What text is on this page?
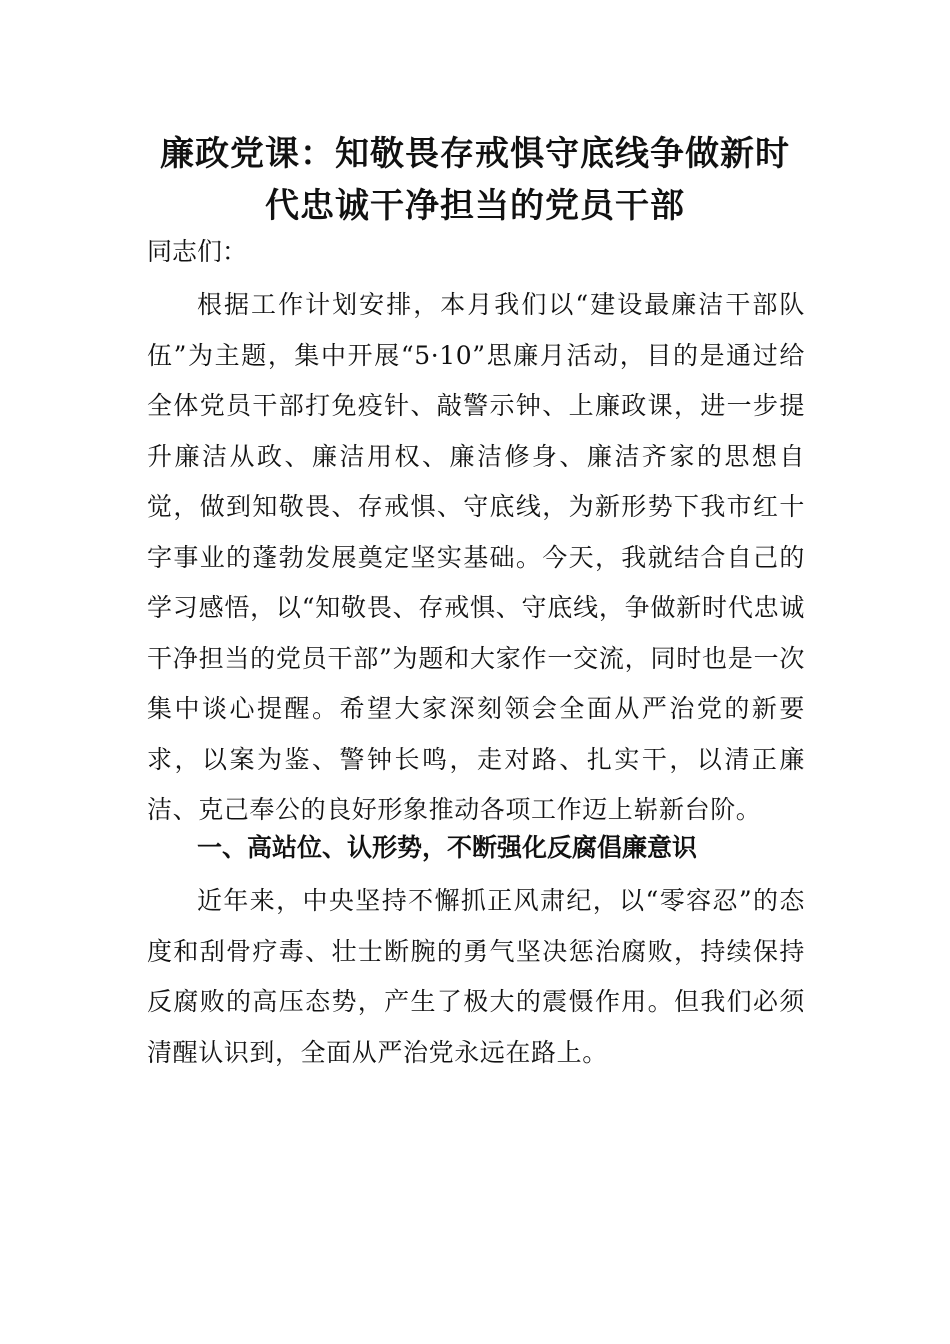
廉政党课：知敬畏存戒惧守底线争做新时
代忠诚干净担当的党员干部

同志们：

根据工作计划安排，本月我们以“建设最廉洁干部队伍”为主题，集中开展“5·10”思廉月活动，目的是通过给全体党员干部打免疫针、敲警示钟、上廉政课，进一步提升廉洁从政、廉洁用权、廉洁修身、廉洁齐家的思想自觉，做到知敬畏、存戒惧、守底线，为新形势下我市红十字事业的蓬勃发展奠定坚实基础。今天，我就结合自己的学习感悟，以“知敬畏、存戒惧、守底线，争做新时代忠诚干净担当的党员干部”为题和大家作一交流，同时也是一次集中谈心提醒。希望大家深刻领会全面从严治党的新要求，以案为鉴、警钟长鸣，走对路、扎实干，以清正廉洁、克己奉公的良好形象推动各项工作迈上崭新台阶。

一、高站位、认形势，不断强化反腐倡廉意识

近年来，中央坚持不懈抓正风肃纪，以“零容忍”的态度和刮骨疗毒、壮士断腕的勇气坚决惩治腐败，持续保持反腐败的高压态势，产生了极大的震慑作用。但我们必须清醒认识到，全面从严治党永远在路上。
